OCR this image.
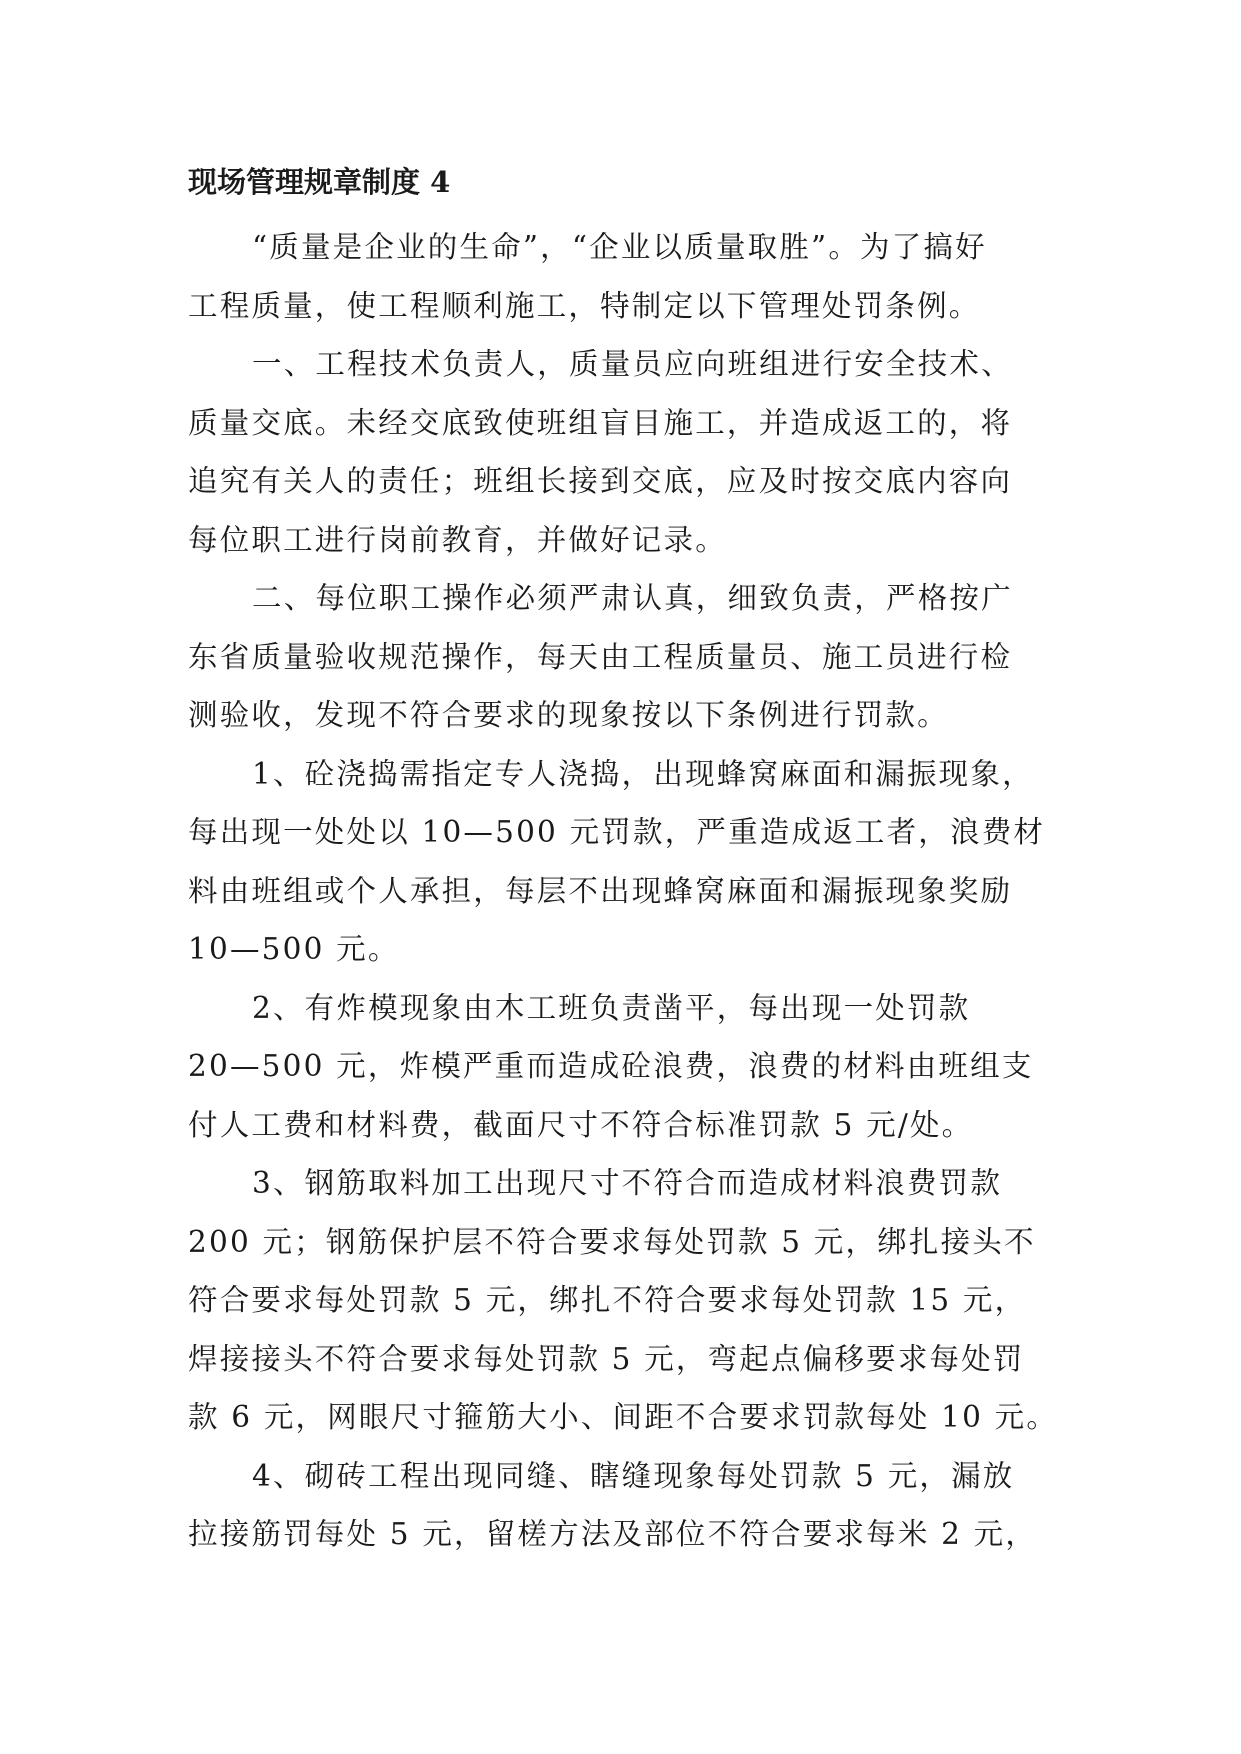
现场管理规章制度 4
“质量是企业的生命”，“企业以质量取胜”。为了搞好
工程质量，使工程顺利施工，特制定以下管理处罚条例。
一、工程技术负责人，质量员应向班组进行安全技术、
质量交底。未经交底致使班组盲目施工，并造成返工的，将
追究有关人的责任；班组长接到交底，应及时按交底内容向
每位职工进行岗前教育，并做好记录。
二、每位职工操作必须严肃认真，细致负责，严格按广
东省质量验收规范操作，每天由工程质量员、施工员进行检
测验收，发现不符合要求的现象按以下条例进行罚款。
1、砼浇捣需指定专人浇捣，出现蜂窝麻面和漏振现象，
每出现一处处以 10—500 元罚款，严重造成返工者，浪费材
料由班组或个人承担，每层不出现蜂窝麻面和漏振现象奖励
10—500 元。
2、有炸模现象由木工班负责凿平，每出现一处罚款
20—500 元，炸模严重而造成砼浪费，浪费的材料由班组支
付人工费和材料费，截面尺寸不符合标准罚款 5 元/处。
3、钢筋取料加工出现尺寸不符合而造成材料浪费罚款
200 元；钢筋保护层不符合要求每处罚款 5 元，绑扎接头不
符合要求每处罚款 5 元，绑扎不符合要求每处罚款 15 元，
焊接接头不符合要求每处罚款 5 元，弯起点偏移要求每处罚
款 6 元，网眼尺寸箍筋大小、间距不合要求罚款每处 10 元。
4、砌砖工程出现同缝、瞎缝现象每处罚款 5 元，漏放
拉接筋罚每处 5 元，留槎方法及部位不符合要求每米 2 元，
